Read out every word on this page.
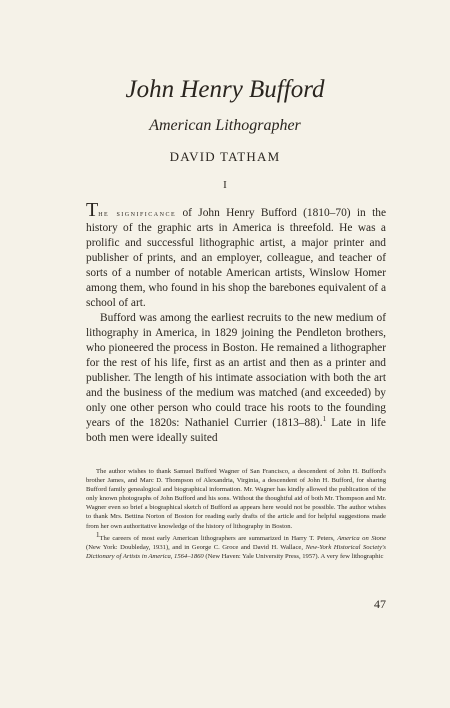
John Henry Bufford
American Lithographer
DAVID TATHAM
I

The significance of John Henry Bufford (1810–70) in the history of the graphic arts in America is threefold. He was a prolific and successful lithographic artist, a major printer and publisher of prints, and an employer, colleague, and teacher of sorts of a number of notable American artists, Winslow Homer among them, who found in his shop the barebones equivalent of a school of art.

Bufford was among the earliest recruits to the new medium of lithography in America, in 1829 joining the Pendleton brothers, who pioneered the process in Boston. He remained a lithographer for the rest of his life, first as an artist and then as a printer and publisher. The length of his intimate association with both the art and the business of the medium was matched (and exceeded) by only one other person who could trace his roots to the founding years of the 1820s: Nathaniel Currier (1813–88).$^1$ Late in life both men were ideally suited

The author wishes to thank Samuel Bufford Wagner of San Francisco, a descendent of John H. Bufford's brother James, and Marc D. Thompson of Alexandria, Virginia, a descendent of John H. Bufford, for sharing Bufford family genealogical and biographical information. Mr. Wagner has kindly allowed the publication of the only known photographs of John Bufford and his sons. Without the thoughtful aid of both Mr. Thompson and Mr. Wagner even so brief a biographical sketch of Bufford as appears here would not be possible. The author wishes to thank Mrs. Bettina Norton of Boston for reading early drafts of the article and for helpful suggestions made from her own authoritative knowledge of the history of lithography in Boston.

$^1$The careers of most early American lithographers are summarized in Harry T. Peters, America on Stone (New York: Doubleday, 1931), and in George C. Groce and David H. Wallace, New-York Historical Society's Dictionary of Artists in America, 1564–1860 (New Haven: Yale University Press, 1957). A very few lithographic

47
